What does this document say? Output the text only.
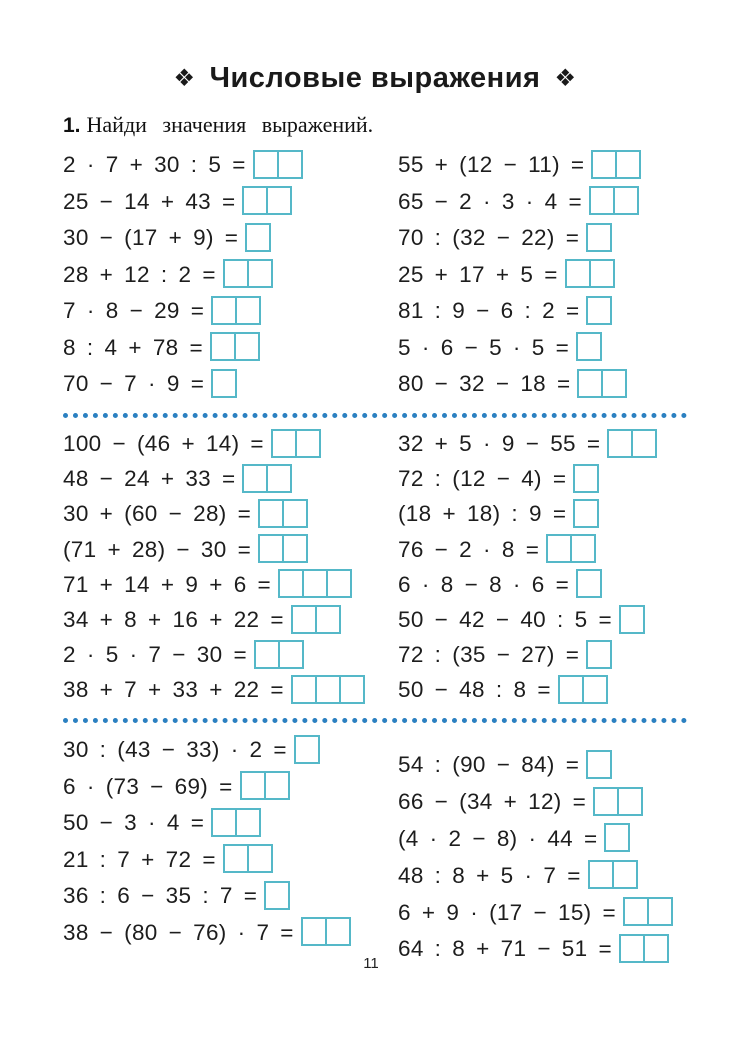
❖ Числовые выражения ❖

1. Найди значения выражений.

2 · 7 + 30 : 5 =
25 − 14 + 43 =
30 − (17 + 9) =
28 + 12 : 2 =
7 · 8 − 29 =
8 : 4 + 78 =
70 − 7 · 9 =
55 + (12 − 11) =
65 − 2 · 3 · 4 =
70 : (32 − 22) =
25 + 17 + 5 =
81 : 9 − 6 : 2 =
5 · 6 − 5 · 5 =
80 − 32 − 18 =
100 − (46 + 14) =
48 − 24 + 33 =
30 + (60 − 28) =
(71 + 28) − 30 =
71 + 14 + 9 + 6 =
34 + 8 + 16 + 22 =
2 · 5 · 7 − 30 =
38 + 7 + 33 + 22 =
32 + 5 · 9 − 55 =
72 : (12 − 4) =
(18 + 18) : 9 =
76 − 2 · 8 =
6 · 8 − 8 · 6 =
50 − 42 − 40 : 5 =
72 : (35 − 27) =
50 − 48 : 8 =
30 : (43 − 33) · 2 =
6 · (73 − 69) =
50 − 3 · 4 =
21 : 7 + 72 =
36 : 6 − 35 : 7 =
38 − (80 − 76) · 7 =
54 : (90 − 84) =
66 − (34 + 12) =
(4 · 2 − 8) · 44 =
48 : 8 + 5 · 7 =
6 + 9 · (17 − 15) =
64 : 8 + 71 − 51 =
11
